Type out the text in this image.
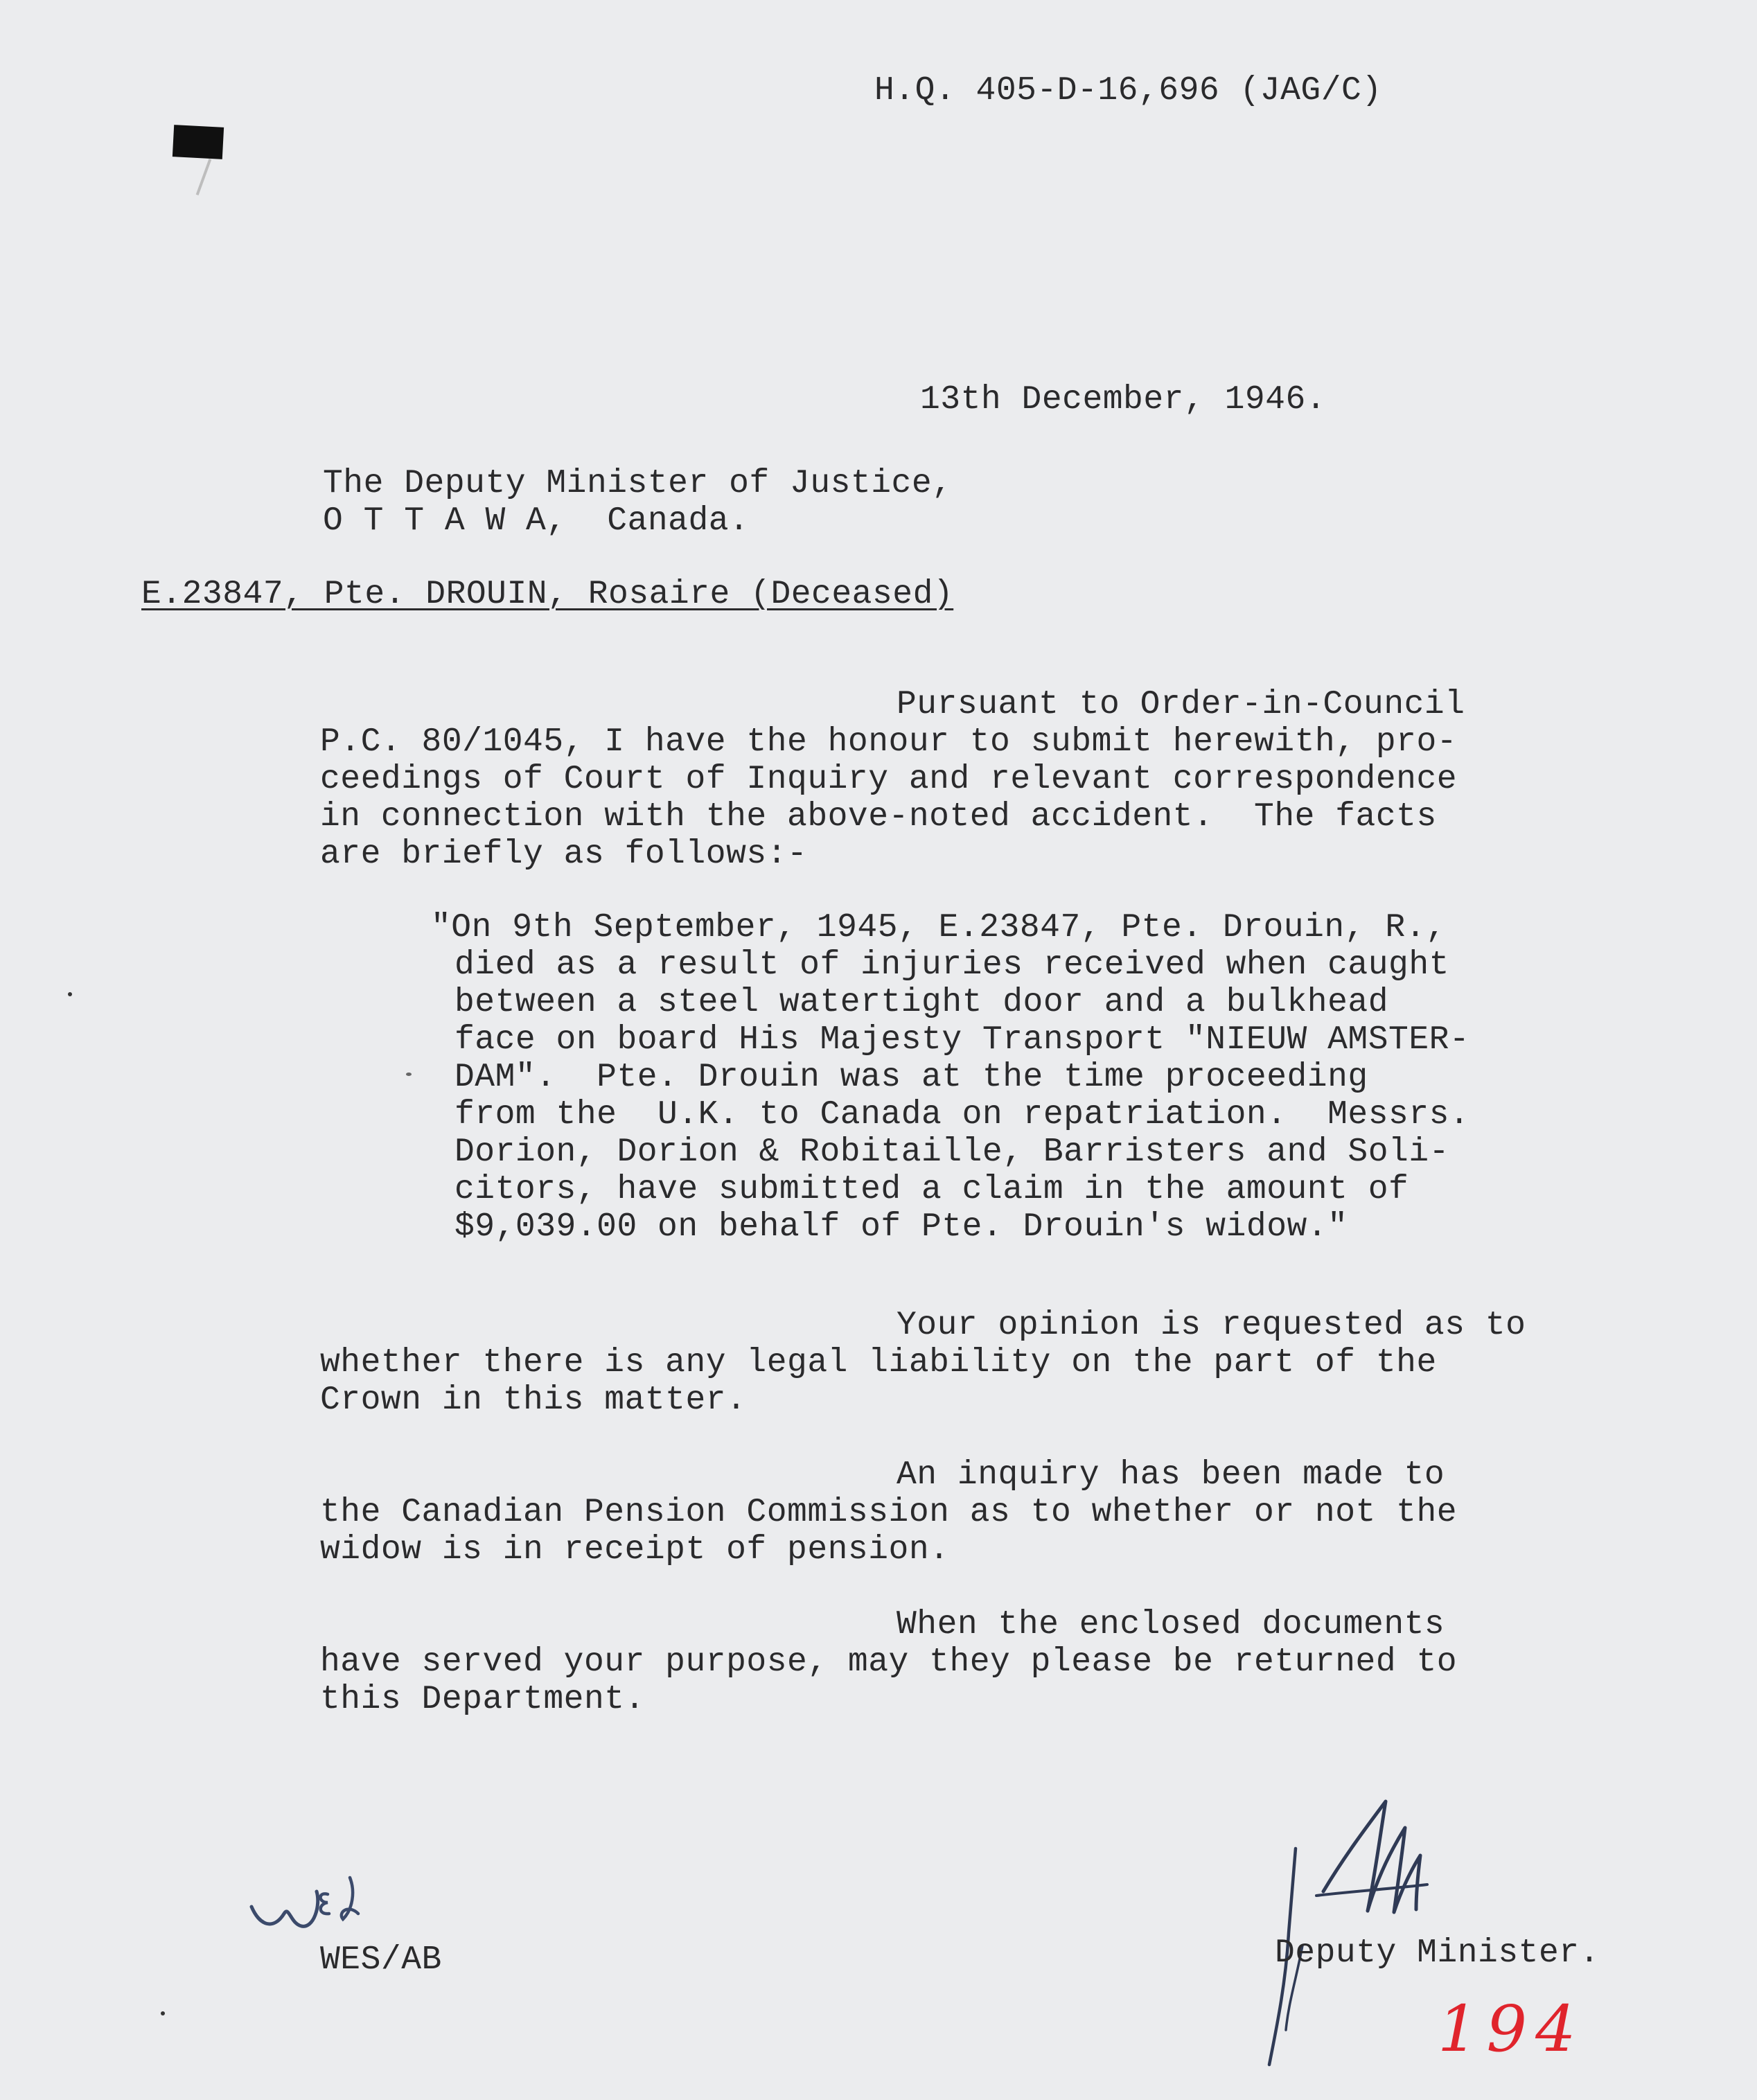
H.Q. 405-D-16,696 (JAG/C)
13th December, 1946.
The Deputy Minister of Justice,
O T T A W A,  Canada.
E.23847, Pte. DROUIN, Rosaire (Deceased)
Pursuant to Order-in-Council
P.C. 80/1045, I have the honour to submit herewith, pro-
ceedings of Court of Inquiry and relevant correspondence
in connection with the above-noted accident.  The facts
are briefly as follows:-
"On 9th September, 1945, E.23847, Pte. Drouin, R.,
died as a result of injuries received when caught
between a steel watertight door and a bulkhead
face on board His Majesty Transport "NIEUW AMSTER-
DAM".  Pte. Drouin was at the time proceeding
from the  U.K. to Canada on repatriation.  Messrs.
Dorion, Dorion & Robitaille, Barristers and Soli-
citors, have submitted a claim in the amount of
$9,039.00 on behalf of Pte. Drouin's widow."
Your opinion is requested as to
whether there is any legal liability on the part of the
Crown in this matter.
An inquiry has been made to
the Canadian Pension Commission as to whether or not the
widow is in receipt of pension.
When the enclosed documents
have served your purpose, may they please be returned to
this Department.
WES/AB	Deputy Minister.
194
